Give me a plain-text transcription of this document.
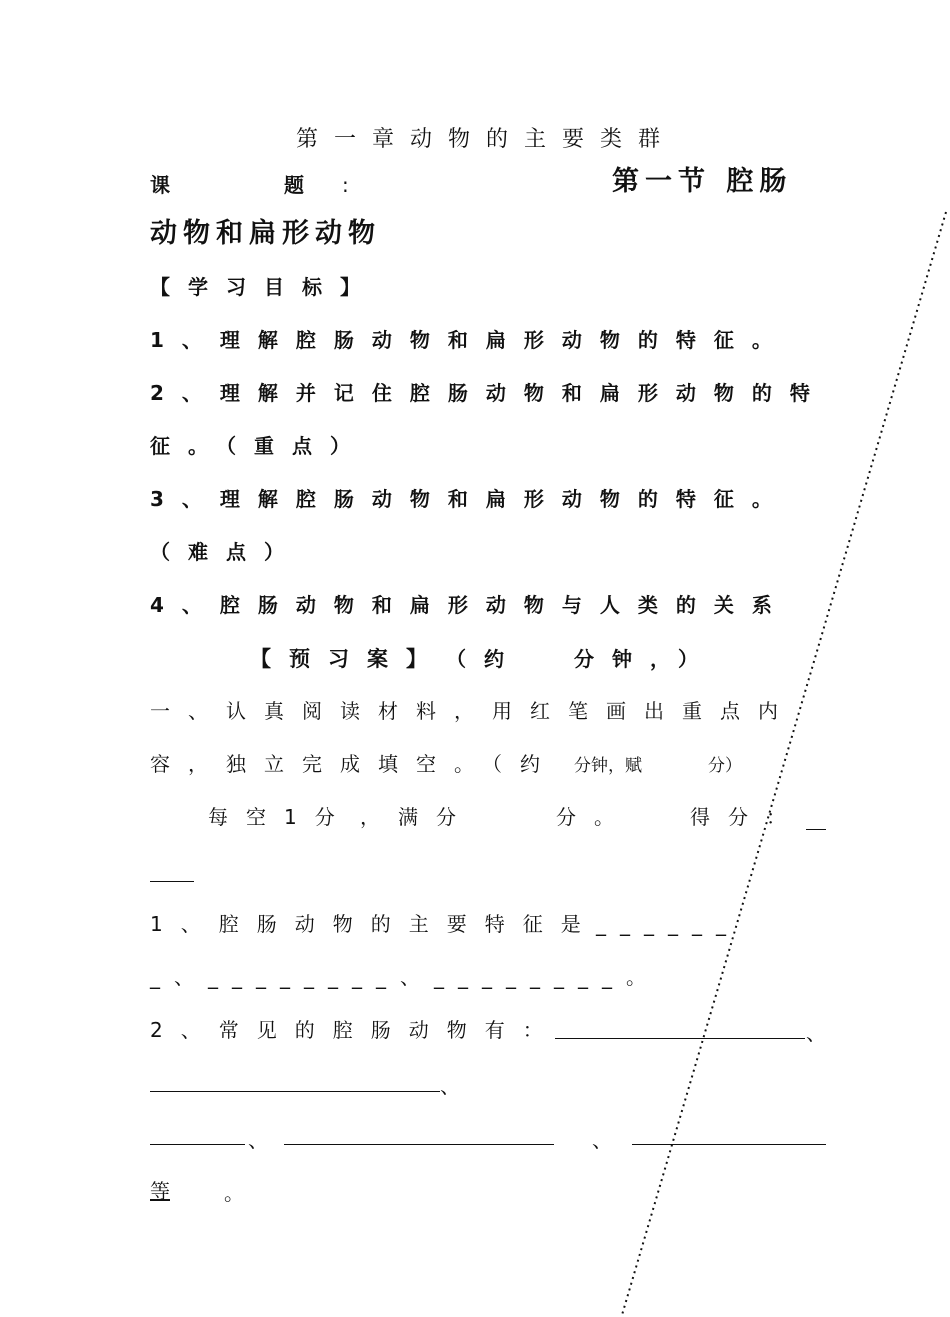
第一章动物的主要类群
课	题 :	第一节 腔肠
动物和扁形动物
【学习目标】
1、理解腔肠动物和扁形动物的特征。
2、理解并记住腔肠动物和扁形动物的特
征。（重点）
3、理解腔肠动物和扁形动物的特征。
（难点）
4、腔肠动物和扁形动物与人类的关系
【预习案】 （约	分钟，）
一、认真阅读材料，用红笔画出重点内
容，独立完成填空。（约 分钟，赋	分）
每空1分 ，满分	分。	得分：
1、腔肠动物的主要特征是
______
_、________、________。
2、常见的腔肠动物有：	、
、
、	、
等	。
